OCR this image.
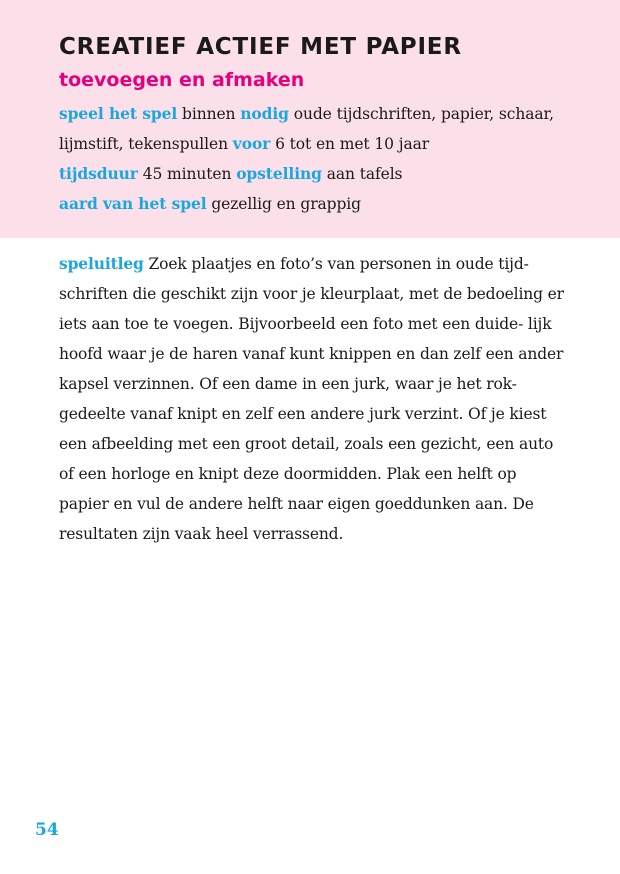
CREATIEF ACTIEF MET PAPIER
toevoegen en afmaken

speel het spel binnen nodig oude tijdschriften, papier, schaar, lijmstift, tekenspullen voor 6 tot en met 10 jaar

tijdsduur 45 minuten opstelling aan tafels

aard van het spel gezellig en grappig

speluitleg Zoek plaatjes en foto’s van personen in oude tijd- schriften die geschikt zijn voor je kleurplaat, met de bedoeling er iets aan toe te voegen. Bijvoorbeeld een foto met een duide- lijk hoofd waar je de haren vanaf kunt knippen en dan zelf een ander kapsel verzinnen. Of een dame in een jurk, waar je het rok-gedeelte vanaf knipt en zelf een andere jurk verzint. Of je kiest een afbeelding met een groot detail, zoals een gezicht, een auto of een horloge en knipt deze doormidden. Plak een helft op papier en vul de andere helft naar eigen goeddunken aan. De resultaten zijn vaak heel verrassend.

54
